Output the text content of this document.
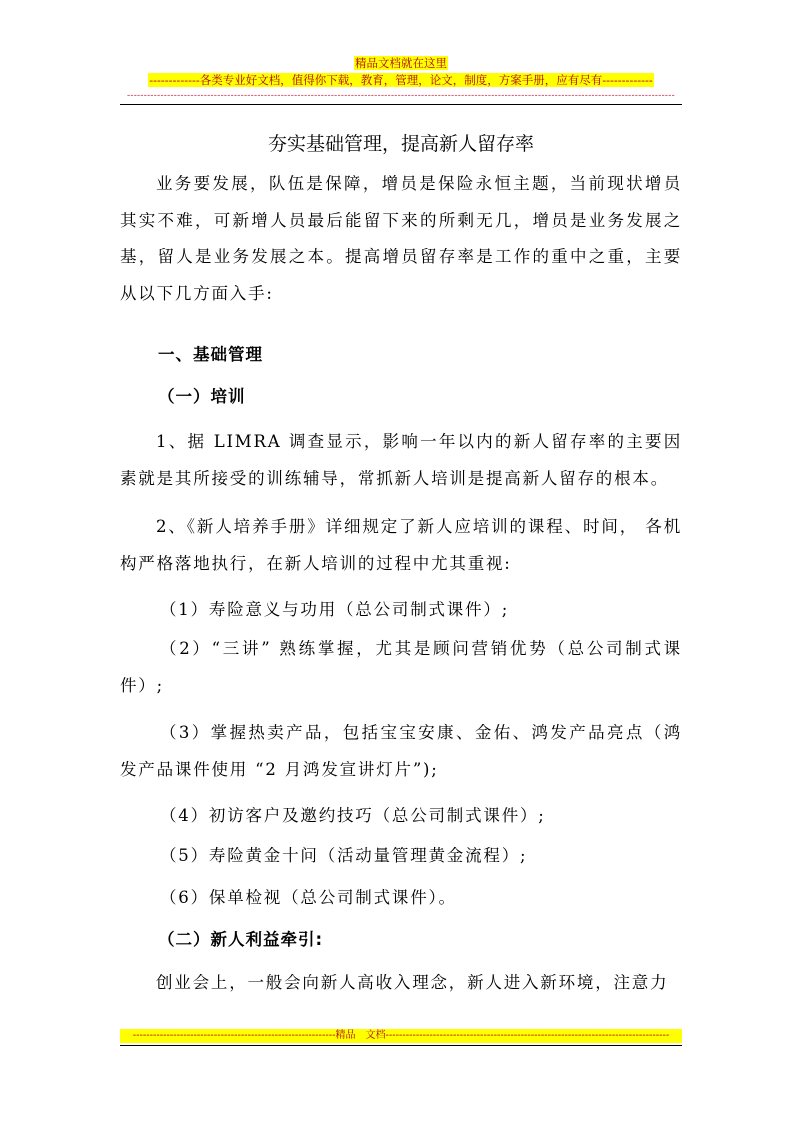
精品文档就在这里
-------------各类专业好文档，值得你下载，教育，管理，论文，制度，方案手册，应有尽有-------------
--------------------------------------------------------------------------------------------------------------------------------------------------------------------
夯实基础管理，提高新人留存率

业务要发展，队伍是保障，增员是保险永恒主题，当前现状增员其实不难，可新增人员最后能留下来的所剩无几，增员是业务发展之基，留人是业务发展之本。提高增员留存率是工作的重中之重，主要从以下几方面入手:

一、基础管理

（一）培训

1、据 LIMRA 调查显示，影响一年以内的新人留存率的主要因素就是其所接受的训练辅导，常抓新人培训是提高新人留存的根本。

2、《新人培养手册》详细规定了新人应培训的课程、时间， 各机构严格落地执行，在新人培训的过程中尤其重视:

（1）寿险意义与功用（总公司制式课件）;

（2）“三讲” 熟练掌握，尤其是顾问营销优势（总公司制式课件）;

（3）掌握热卖产品，包括宝宝安康、金佑、鸿发产品亮点（鸿发产品课件使用 “2 月鸿发宣讲灯片”);

（4）初访客户及邀约技巧（总公司制式课件）;

（5）寿险黄金十问（活动量管理黄金流程）;

（6）保单检视（总公司制式课件）。

（二）新人利益牵引:

创业会上，一般会向新人高收入理念，新人进入新环境，注意力

------------------------------------------------------------精品　文档------------------------------------------------------------------------------------
